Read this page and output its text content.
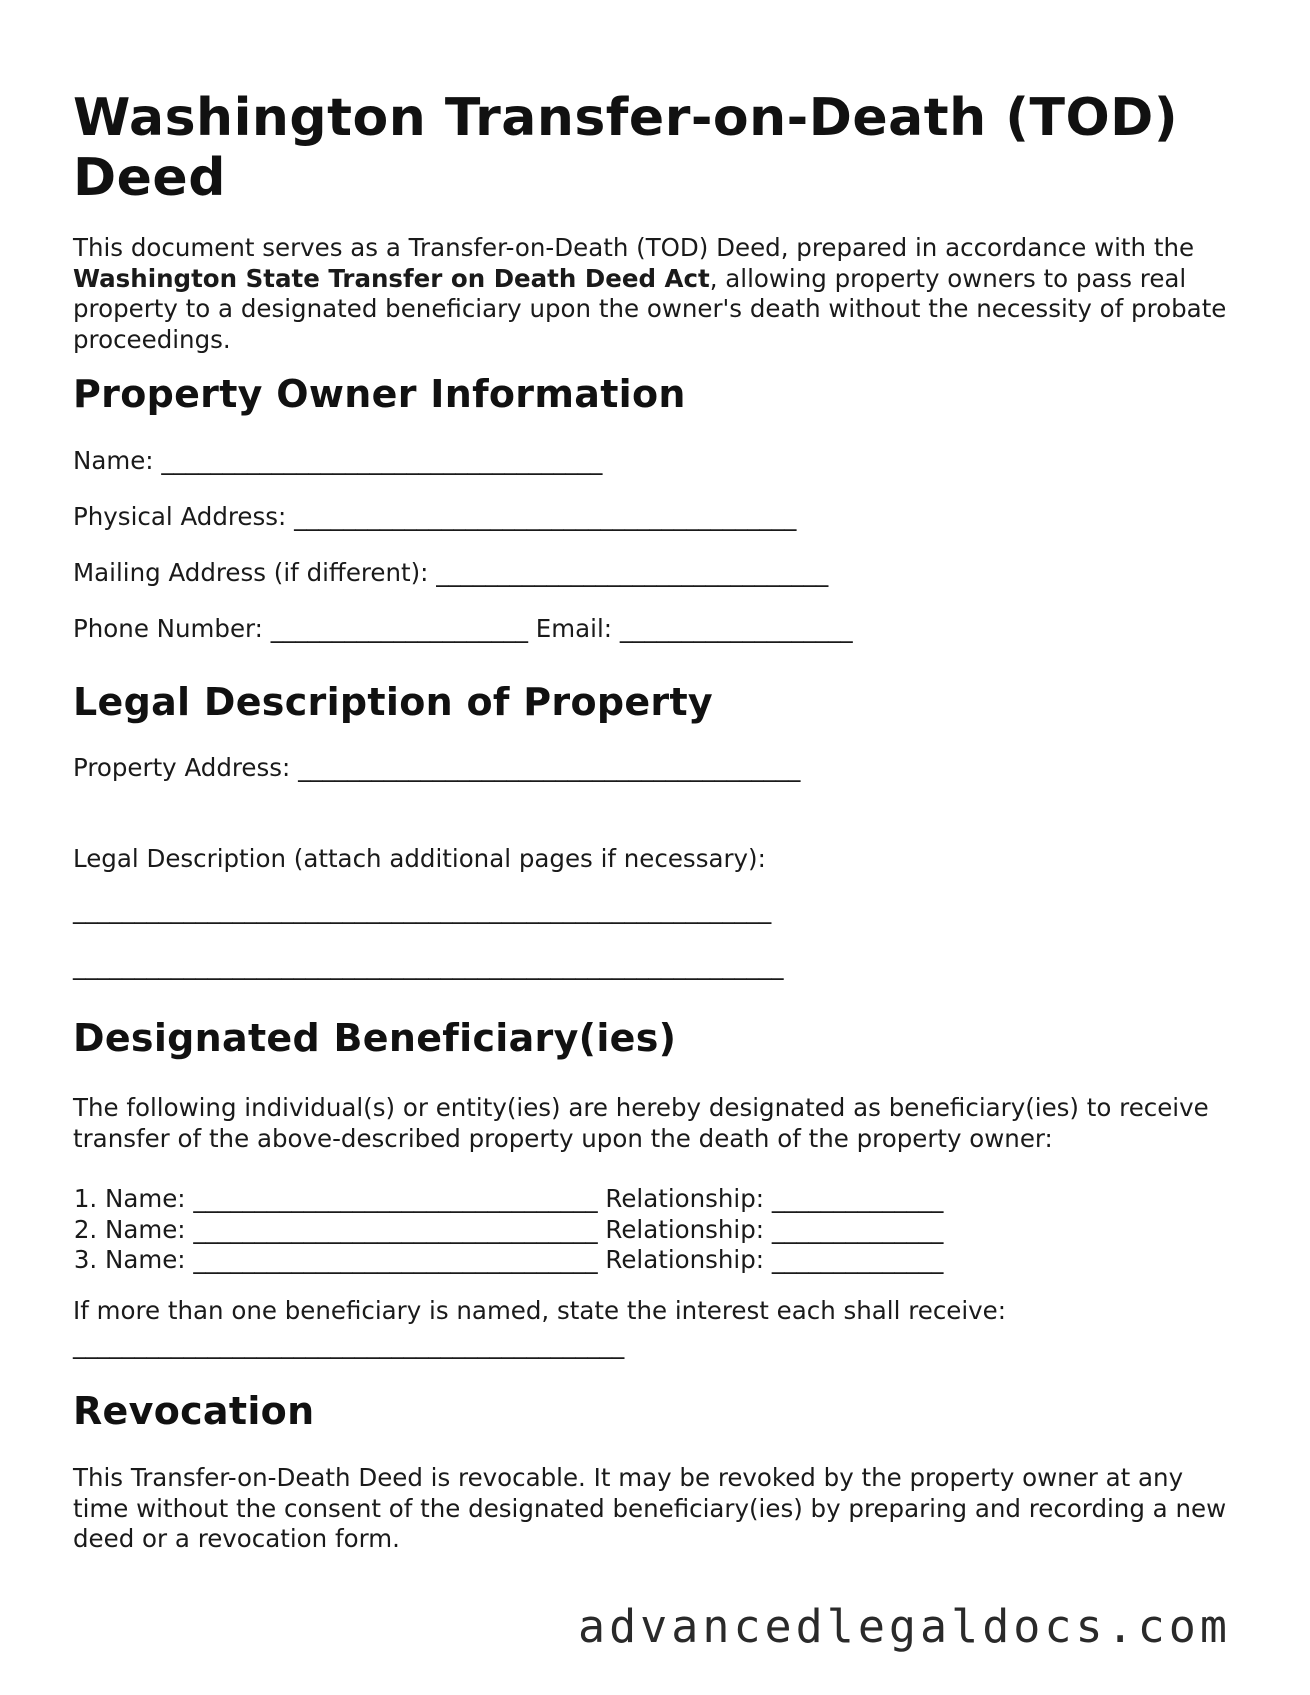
Washington Transfer-on-Death (TOD) Deed

This document serves as a Transfer-on-Death (TOD) Deed, prepared in accordance with the Washington State Transfer on Death Deed Act, allowing property owners to pass real property to a designated beneficiary upon the owner's death without the necessity of probate proceedings.

Property Owner Information
Name: ____________________________________
Physical Address: _________________________________________
Mailing Address (if different): ________________________________
Phone Number: _____________________ Email: ___________________
Legal Description of Property
Property Address: _________________________________________
Legal Description (attach additional pages if necessary):
_________________________________________________________
__________________________________________________________
Designated Beneficiary(ies)

The following individual(s) or entity(ies) are hereby designated as beneficiary(ies) to receive transfer of the above-described property upon the death of the property owner:

1. Name: _________________________________ Relationship: ______________
2. Name: _________________________________ Relationship: ______________
3. Name: _________________________________ Relationship: ______________
If more than one beneficiary is named, state the interest each shall receive:
_____________________________________________
Revocation

This Transfer-on-Death Deed is revocable. It may be revoked by the property owner at any time without the consent of the designated beneficiary(ies) by preparing and recording a new deed or a revocation form.

advancedlegaldocs.com
